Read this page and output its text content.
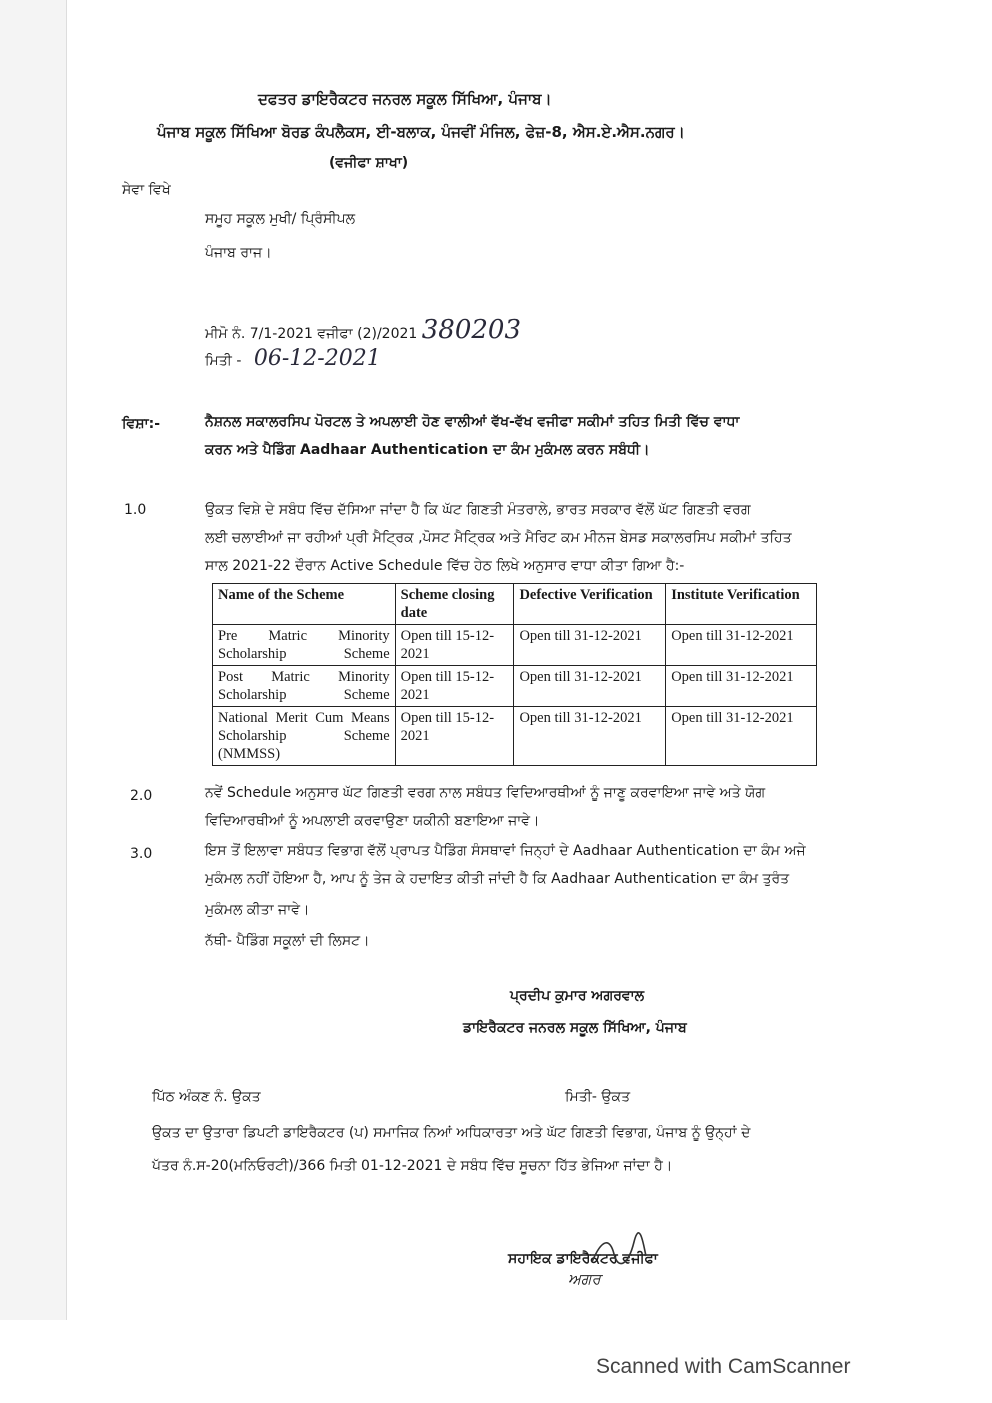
ਦਫਤਰ ਡਾਇਰੈਕਟਰ ਜਨਰਲ ਸਕੂਲ ਸਿੱਖਿਆ, ਪੰਜਾਬ।
ਪੰਜਾਬ ਸਕੂਲ ਸਿੱਖਿਆ ਬੋਰਡ ਕੰਪਲੈਕਸ, ਈ-ਬਲਾਕ, ਪੰਜਵੀਂ ਮੰਜਿਲ, ਫੇਜ਼-8, ਐਸ.ਏ.ਐਸ.ਨਗਰ।
(ਵਜੀਫਾ ਸ਼ਾਖਾ)
ਸੇਵਾ ਵਿਖੇ
ਸਮੂਹ ਸਕੂਲ ਮੁਖੀ/ ਪ੍ਰਿੰਸੀਪਲ
ਪੰਜਾਬ ਰਾਜ।
ਮੀਮੋ ਨੰ. 7/1-2021 ਵਜੀਫਾ (2)/2021 380203
ਮਿਤੀ - 06-12-2021
ਵਿਸ਼ਾ:-	ਨੈਸ਼ਨਲ ਸਕਾਲਰਸਿਪ ਪੋਰਟਲ ਤੇ ਅਪਲਾਈ ਹੋਣ ਵਾਲੀਆਂ ਵੱਖ-ਵੱਖ ਵਜੀਫਾ ਸਕੀਮਾਂ ਤਹਿਤ ਮਿਤੀ ਵਿੱਚ ਵਾਧਾ
ਕਰਨ ਅਤੇ ਪੈਡਿੰਗ Aadhaar Authentication ਦਾ ਕੰਮ ਮੁਕੰਮਲ ਕਰਨ ਸਬੰਧੀ।
1.0	ਉਕਤ ਵਿਸ਼ੇ ਦੇ ਸਬੰਧ ਵਿੱਚ ਦੱਸਿਆ ਜਾਂਦਾ ਹੈ ਕਿ ਘੱਟ ਗਿਣਤੀ ਮੰਤਰਾਲੇ, ਭਾਰਤ ਸਰਕਾਰ ਵੱਲੋਂ ਘੱਟ ਗਿਣਤੀ ਵਰਗ
ਲਈ ਚਲਾਈਆਂ ਜਾ ਰਹੀਆਂ ਪ੍ਰੀ ਮੈਟ੍ਰਿਕ ,ਪੋਸਟ ਮੈਟ੍ਰਿਕ ਅਤੇ ਮੈਰਿਟ ਕਮ ਮੀਨਜ ਬੇਸਡ ਸਕਾਲਰਸਿਪ ਸਕੀਮਾਂ ਤਹਿਤ
ਸਾਲ 2021-22 ਦੌਰਾਨ Active Schedule ਵਿੱਚ ਹੇਠ ਲਿਖੇ ਅਨੁਸਾਰ ਵਾਧਾ ਕੀਤਾ ਗਿਆ ਹੈ:-
Name of the Scheme	Scheme closing date	Defective Verification	Institute Verification

Pre Matric Minority Scholarship Scheme	Open till 15-12-2021	Open till 31-12-2021	Open till 31-12-2021

Post Matric Minority Scholarship Scheme	Open till 15-12-2021	Open till 31-12-2021	Open till 31-12-2021

National Merit Cum Means Scholarship Scheme (NMMSS)	Open till 15-12-2021	Open till 31-12-2021	Open till 31-12-2021
2.0	ਨਵੇਂ Schedule ਅਨੁਸਾਰ ਘੱਟ ਗਿਣਤੀ ਵਰਗ ਨਾਲ ਸਬੰਧਤ ਵਿਦਿਆਰਥੀਆਂ ਨੂੰ ਜਾਣੂ ਕਰਵਾਇਆ ਜਾਵੇ ਅਤੇ ਯੋਗ
ਵਿਦਿਆਰਥੀਆਂ ਨੂੰ ਅਪਲਾਈ ਕਰਵਾਉਣਾ ਯਕੀਨੀ ਬਣਾਇਆ ਜਾਵੇ।
3.0	ਇਸ ਤੋਂ ਇਲਾਵਾ ਸਬੰਧਤ ਵਿਭਾਗ ਵੱਲੋਂ ਪ੍ਰਾਪਤ ਪੈਡਿੰਗ ਸੰਸਥਾਵਾਂ ਜਿਨ੍ਹਾਂ ਦੇ Aadhaar Authentication ਦਾ ਕੰਮ ਅਜੇ
ਮੁਕੰਮਲ ਨਹੀਂ ਹੋਇਆ ਹੈ, ਆਪ ਨੂੰ ਤੇਜ ਕੇ ਹਦਾਇਤ ਕੀਤੀ ਜਾਂਦੀ ਹੈ ਕਿ Aadhaar Authentication ਦਾ ਕੰਮ ਤੁਰੰਤ
ਮੁਕੰਮਲ ਕੀਤਾ ਜਾਵੇ।
ਨੱਥੀ- ਪੈਡਿੰਗ ਸਕੂਲਾਂ ਦੀ ਲਿਸਟ।
ਪ੍ਰਦੀਪ ਕੁਮਾਰ ਅਗਰਵਾਲ
ਡਾਇਰੈਕਟਰ ਜਨਰਲ ਸਕੂਲ ਸਿੱਖਿਆ, ਪੰਜਾਬ
ਪਿੱਠ ਅੰਕਣ ਨੰ. ਉਕਤ	ਮਿਤੀ- ਉਕਤ
ਉਕਤ ਦਾ ਉਤਾਰਾ ਡਿਪਟੀ ਡਾਇਰੈਕਟਰ (ਪ) ਸਮਾਜਿਕ ਨਿਆਂ ਅਧਿਕਾਰਤਾ ਅਤੇ ਘੱਟ ਗਿਣਤੀ ਵਿਭਾਗ, ਪੰਜਾਬ ਨੂੰ ਉਨ੍ਹਾਂ ਦੇ
ਪੱਤਰ ਨੰ.ਸ-20(ਮਨਿਓਰਟੀ)/366 ਮਿਤੀ 01-12-2021 ਦੇ ਸਬੰਧ ਵਿੱਚ ਸੂਚਨਾ ਹਿੱਤ ਭੇਜਿਆ ਜਾਂਦਾ ਹੈ।
ਸਹਾਇਕ ਡਾਇਰੈਕਟਰ ਵਜੀਫਾ
ਅਗਰ
Scanned with CamScanner
